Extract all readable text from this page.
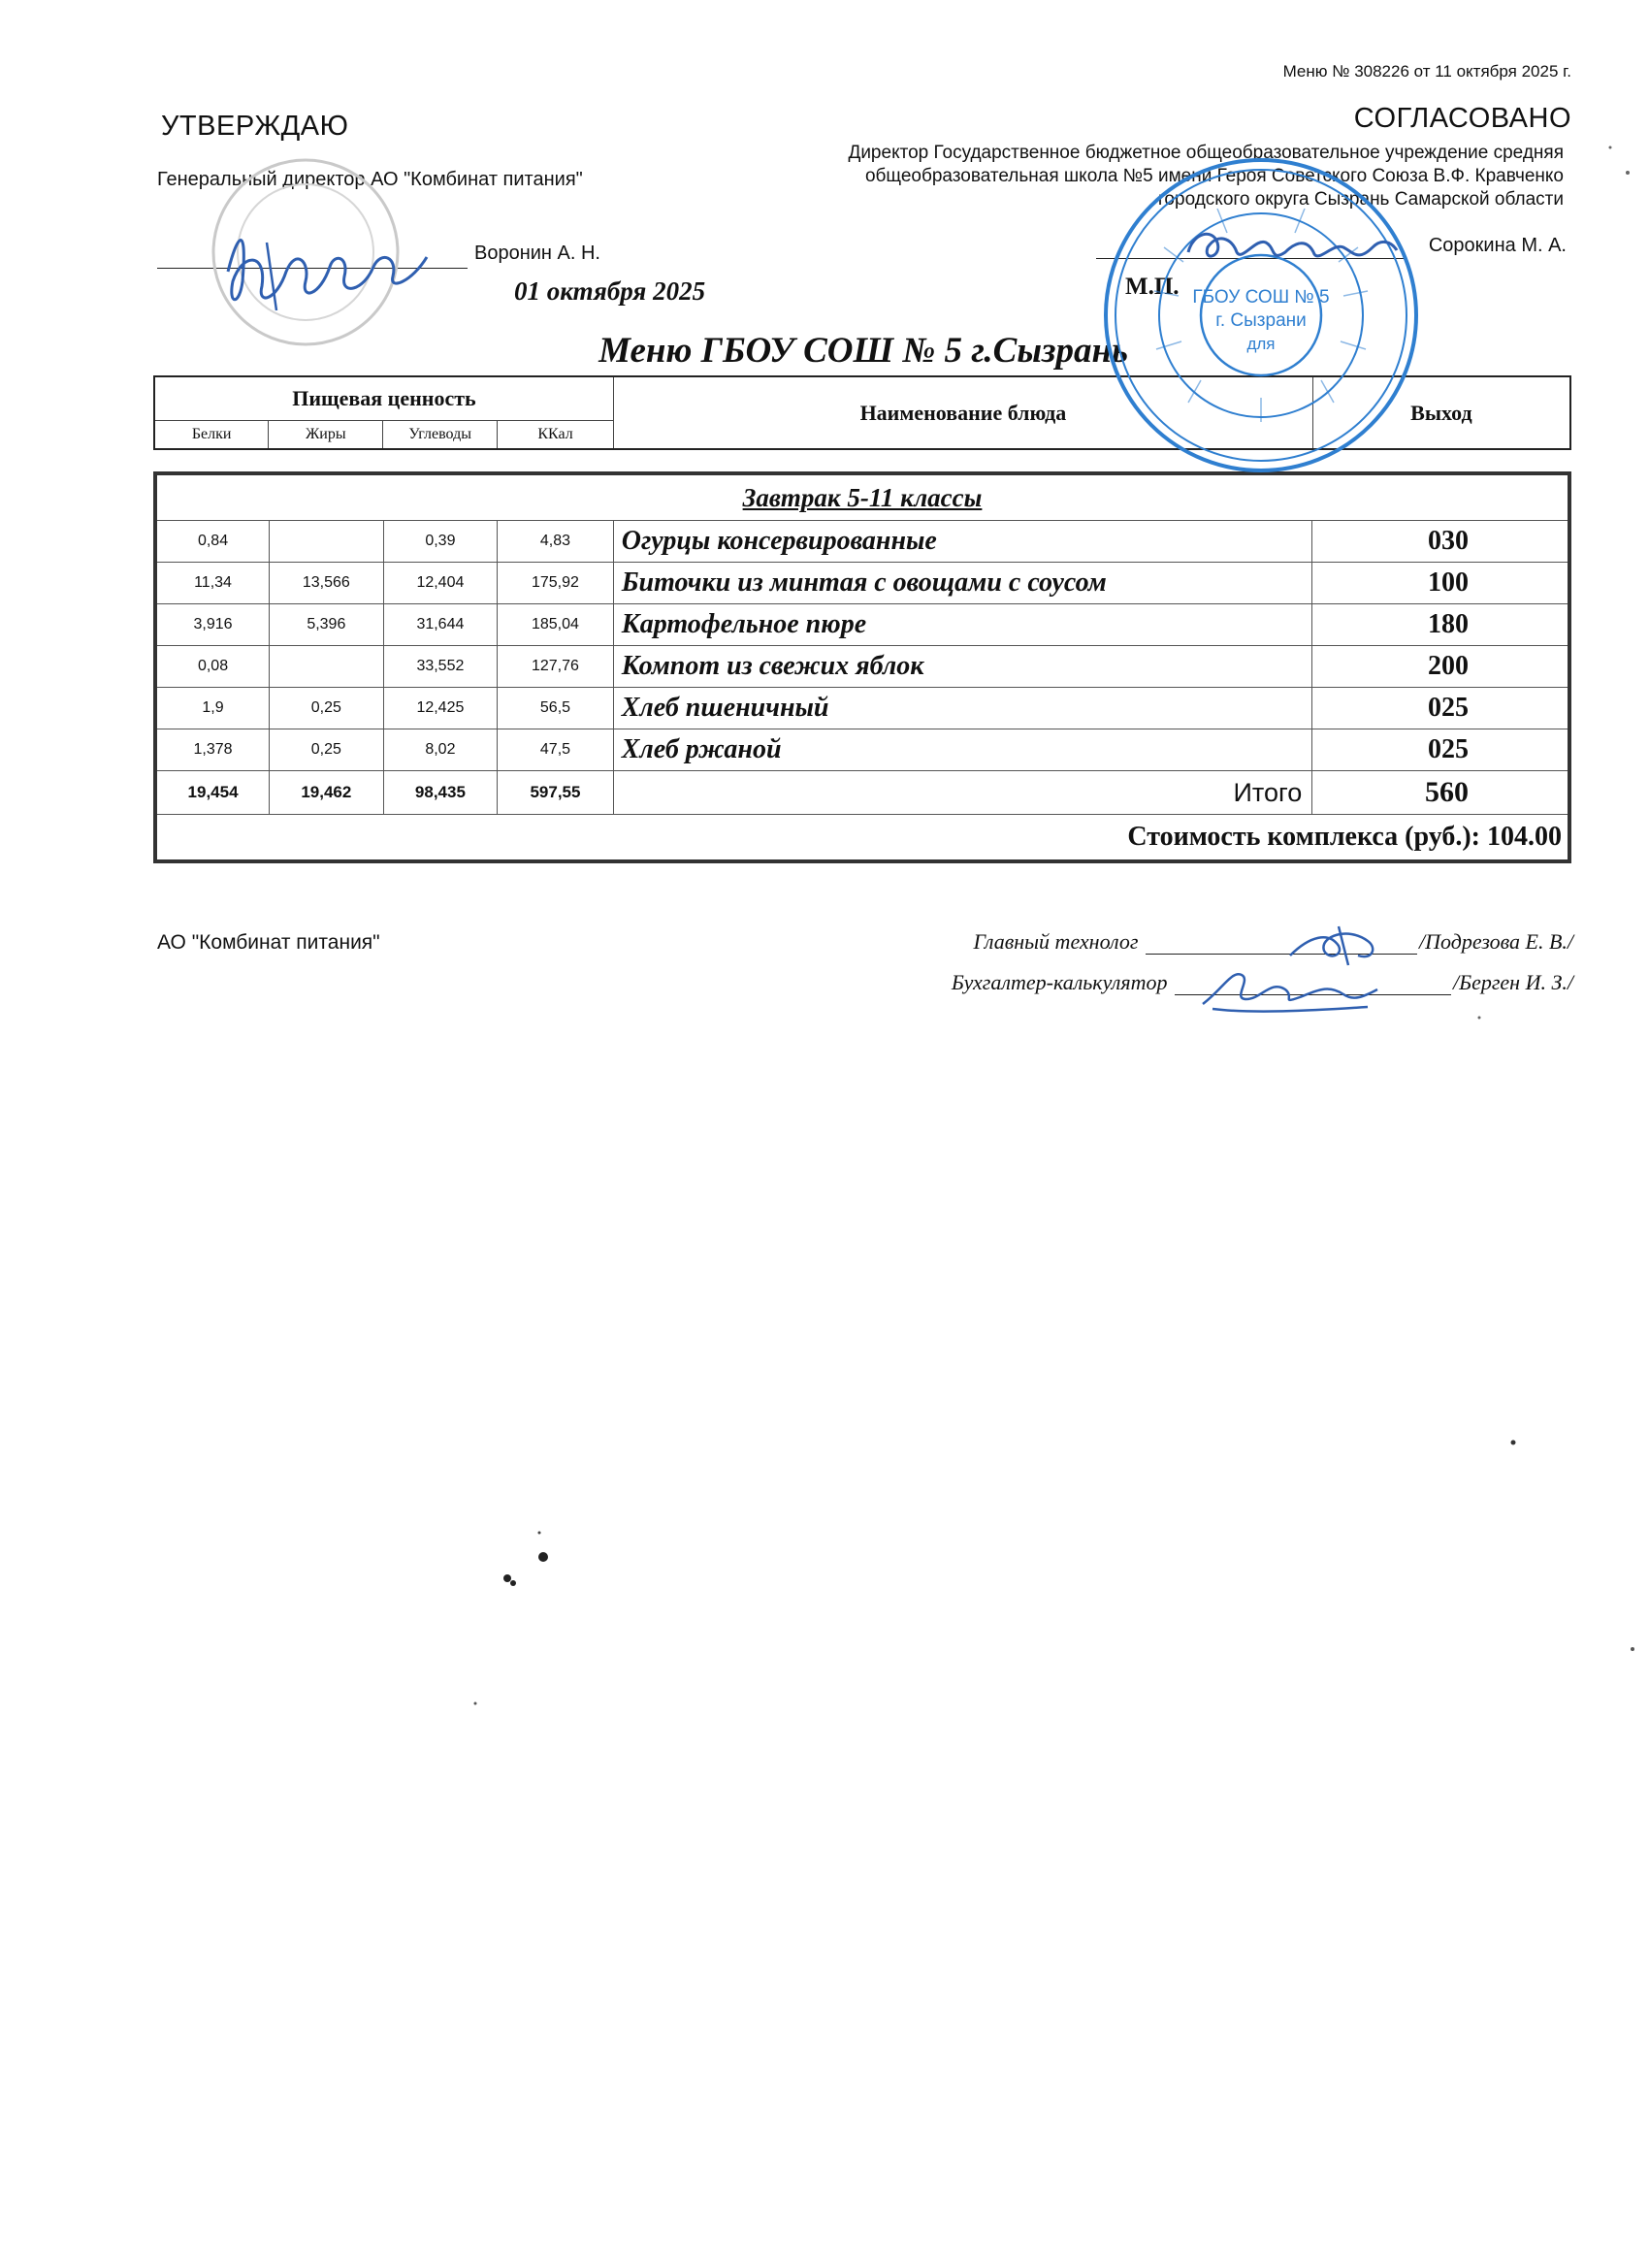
Меню № 308226 от 11 октября 2025 г.
УТВЕРЖДАЮ
Генеральный директор АО "Комбинат питания"
Воронин А. Н.
01 октября 2025
СОГЛАСОВАНО
Директор Государственное бюджетное общеобразовательное учреждение средняя
общеобразовательная школа №5 имени Героя Советского Союза В.Ф. Кравченко
городского округа Сызрань Самарской области
Сорокина М. А.
М.П.
Меню ГБОУ СОШ № 5 г.Сызрань
Пищевая ценность				Наименование блюда	Выход
Белки	Жиры	Углеводы	ККал		
Завтрак 5-11 классы					
0,84		0,39	4,83	Огурцы консервированные	030
11,34	13,566	12,404	175,92	Биточки из минтая с овощами с соусом	100
3,916	5,396	31,644	185,04	Картофельное пюре	180
0,08		33,552	127,76	Компот из свежих яблок	200
1,9	0,25	12,425	56,5	Хлеб пшеничный	025
1,378	0,25	8,02	47,5	Хлеб ржаной	025
19,454	19,462	98,435	597,55	Итого	560
Стоимость комплекса (руб.): 104.00					
АО "Комбинат питания"	Главный технолог	/Подрезова Е. В./
Бухгалтер-калькулятор	/Берген И. З./
ГБОУ СОШ № 5
г. Сызрани
для
